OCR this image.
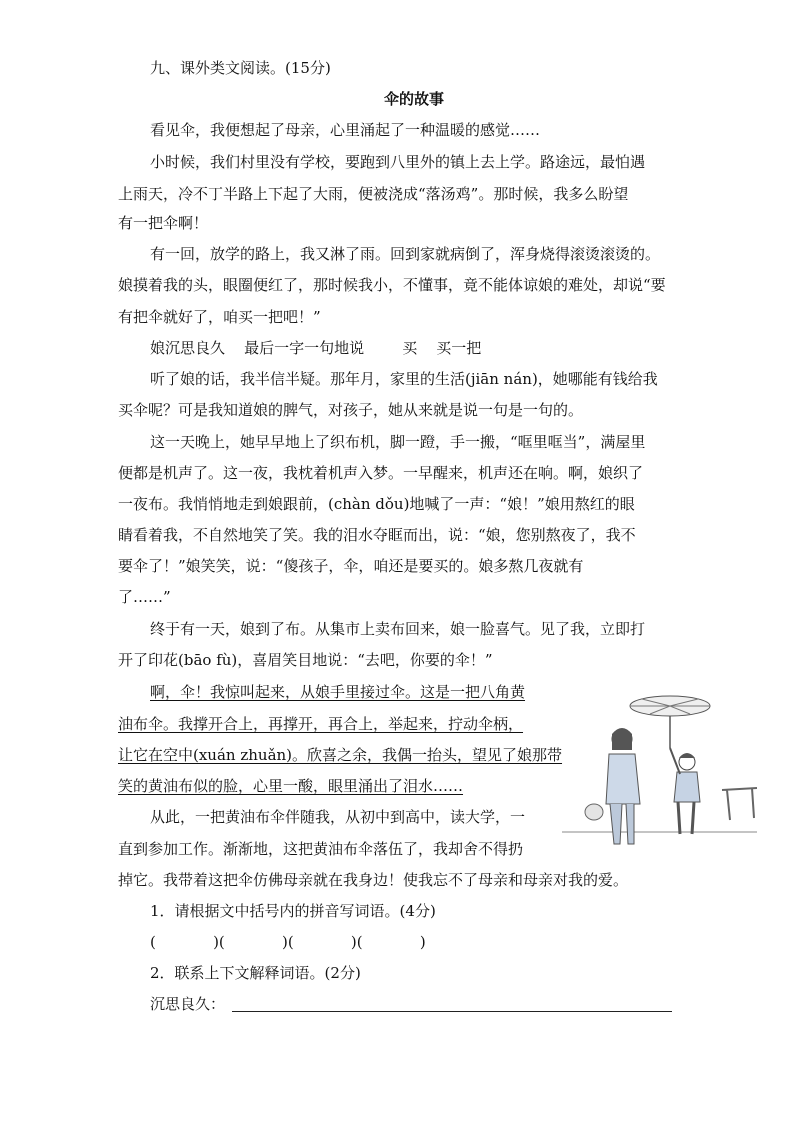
九、课外类文阅读。(15分)
伞的故事
看见伞，我便想起了母亲，心里涌起了一种温暖的感觉……
小时候，我们村里没有学校，要跑到八里外的镇上去上学。路途远，最怕遇
上雨天，冷不丁半路上下起了大雨，便被浇成“落汤鸡”。那时候，我多么盼望
有一把伞啊！
有一回，放学的路上，我又淋了雨。回到家就病倒了，浑身烧得滚烫滚烫的。
娘摸着我的头，眼圈便红了，那时候我小，不懂事，竟不能体谅娘的难处，却说“要
有把伞就好了，咱买一把吧！”
娘沉思良久    最后一字一句地说        买    买一把
听了娘的话，我半信半疑。那年月，家里的生活(jiān nán)，她哪能有钱给我
买伞呢？可是我知道娘的脾气，对孩子，她从来就是说一句是一句的。
这一天晚上，她早早地上了织布机，脚一蹬，手一搬，“哐里哐当”，满屋里
便都是机声了。这一夜，我枕着机声入梦。一早醒来，机声还在响。啊，娘织了
一夜布。我悄悄地走到娘跟前，(chàn dǒu)地喊了一声：“娘！”娘用熬红的眼
睛看着我，不自然地笑了笑。我的泪水夺眶而出，说：“娘，您别熬夜了，我不
要伞了！”娘笑笑，说：“傻孩子，伞，咱还是要买的。娘多熬几夜就有
了……”
终于有一天，娘到了布。从集市上卖布回来，娘一脸喜气。见了我，立即打
开了印花(bāo fù)，喜眉笑目地说：“去吧，你要的伞！”
啊，伞！我惊叫起来，从娘手里接过伞。这是一把八角黄
油布伞。我撑开合上，再撑开，再合上，举起来，拧动伞柄，
让它在空中(xuán zhuǎn)。欣喜之余，我偶一抬头，望见了娘那带
笑的黄油布似的脸，心里一酸，眼里涌出了泪水……
从此，一把黄油布伞伴随我，从初中到高中，读大学，一
直到参加工作。渐渐地，这把黄油布伞落伍了，我却舍不得扔
掉它。我带着这把伞仿佛母亲就在我身边！使我忘不了母亲和母亲对我的爱。
1．请根据文中括号内的拼音写词语。(4分)
(            )(            )(            )(            )
2．联系上下文解释词语。(2分)
沉思良久：
